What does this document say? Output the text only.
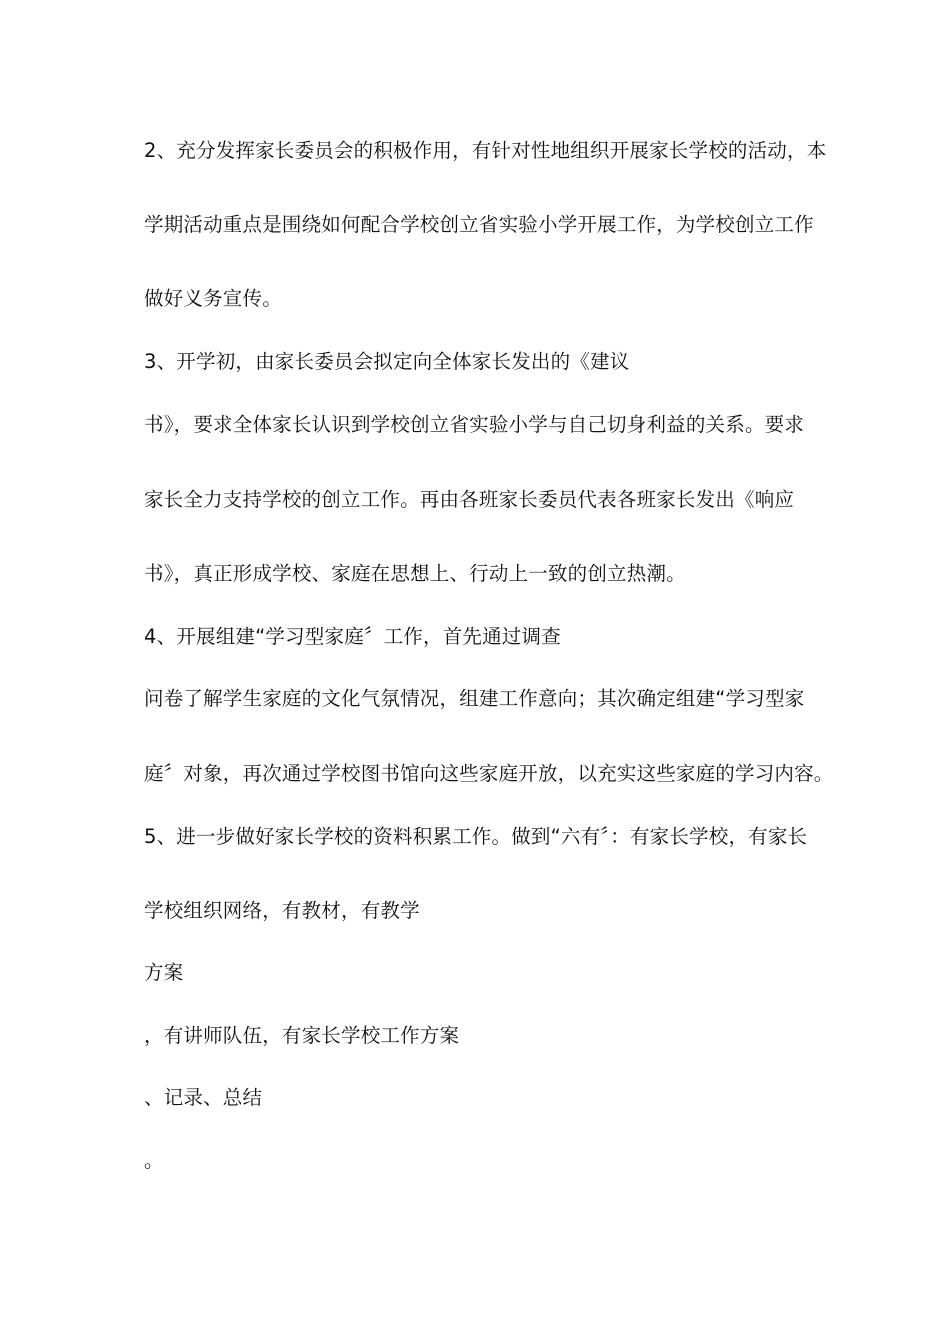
2、充分发挥家长委员会的积极作用，有针对性地组织开展家长学校的活动，本
学期活动重点是围绕如何配合学校创立省实验小学开展工作，为学校创立工作
做好义务宣传。
3、开学初，由家长委员会拟定向全体家长发出的《建议
书》，要求全体家长认识到学校创立省实验小学与自己切身利益的关系。要求
家长全力支持学校的创立工作。再由各班家长委员代表各班家长发出《响应
书》，真正形成学校、家庭在思想上、行动上一致的创立热潮。
4、开展组建“学习型家庭〞工作，首先通过调查
问卷了解学生家庭的文化气氛情况，组建工作意向；其次确定组建“学习型家
庭〞对象，再次通过学校图书馆向这些家庭开放，以充实这些家庭的学习内容。
5、进一步做好家长学校的资料积累工作。做到“六有〞：有家长学校，有家长
学校组织网络，有教材，有教学
方案
，有讲师队伍，有家长学校工作方案
、记录、总结
。
